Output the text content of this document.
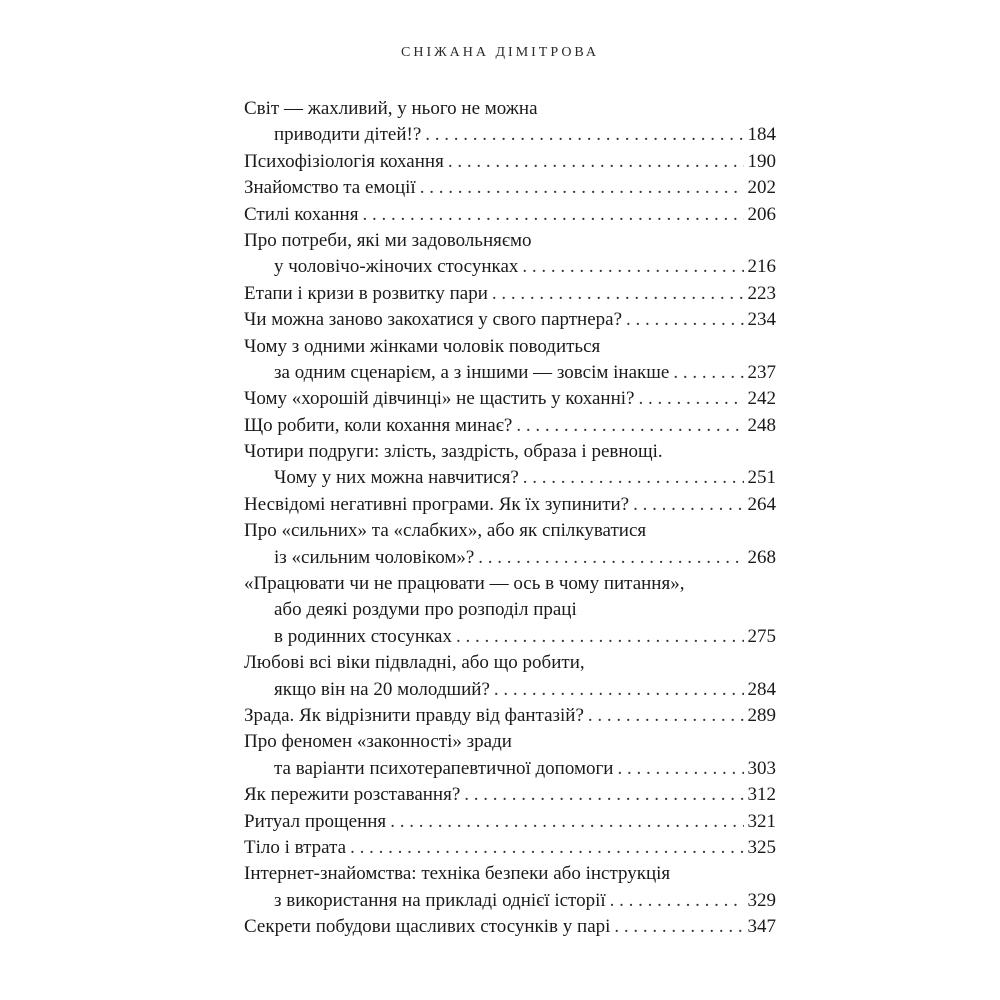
СНІЖАНА ДІМІТРОВА
Світ — жахливий, у нього не можна
приводити дітей!? . . .	184
Психофізіологія кохання . . .	190
Знайомство та емоції . . .	202
Стилі кохання . . .	206
Про потреби, які ми задовольняємо
у чоловічо-жіночих стосунках . . .	216
Етапи і кризи в розвитку пари . . .	223
Чи можна заново закохатися у свого партнера? . . .	234
Чому з одними жінками чоловік поводиться
за одним сценарієм, а з іншими — зовсім інакше . . .	237
Чому «хорошій дівчинці» не щастить у коханні? . . .	242
Що робити, коли кохання минає? . . .	248
Чотири подруги: злість, заздрість, образа і ревнощі.
Чому у них можна навчитися? . . .	251
Несвідомі негативні програми. Як їх зупинити? . . .	264
Про «сильних» та «слабких», або як спілкуватися
із «сильним чоловіком»? . . .	268
«Працювати чи не працювати — ось в чому питання»,
або деякі роздуми про розподіл праці
в родинних стосунках . . .	275
Любові всі віки підвладні, або що робити,
якщо він на 20 молодший? . . .	284
Зрада. Як відрізнити правду від фантазій? . . .	289
Про феномен «законності» зради
та варіанти психотерапевтичної допомоги . . .	303
Як пережити розставання? . . .	312
Ритуал прощення . . .	321
Тіло і втрата . . .	325
Інтернет-знайомства: техніка безпеки або інструкція
з використання на прикладі однієї історії . . .	329
Секрети побудови щасливих стосунків у парі . . .	347
